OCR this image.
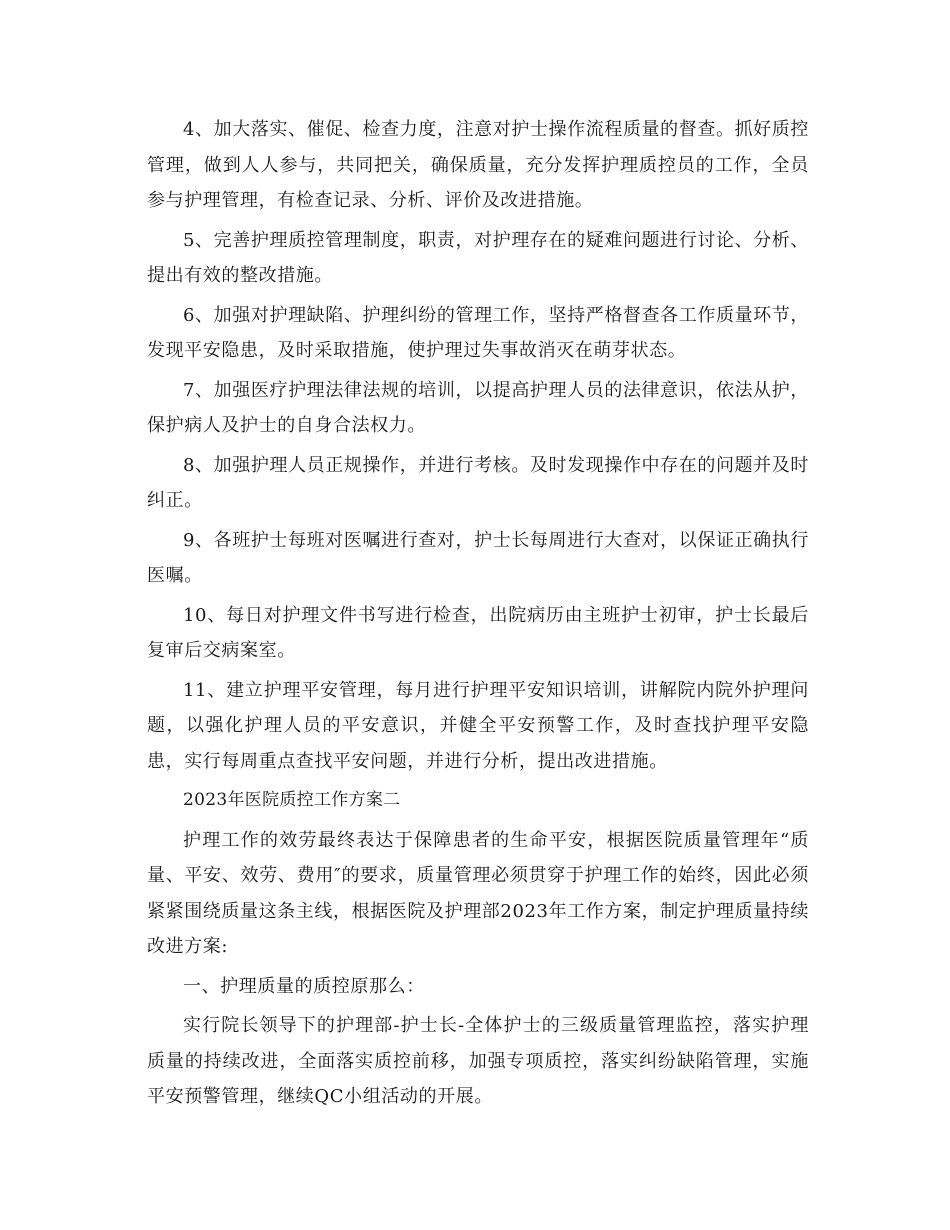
4、加大落实、催促、检查力度，注意对护士操作流程质量的督查。抓好质控管理，做到人人参与，共同把关，确保质量，充分发挥护理质控员的工作，全员参与护理管理，有检查记录、分析、评价及改进措施。

5、完善护理质控管理制度，职责，对护理存在的疑难问题进行讨论、分析、提出有效的整改措施。

6、加强对护理缺陷、护理纠纷的管理工作，坚持严格督查各工作质量环节，发现平安隐患，及时采取措施，使护理过失事故消灭在萌芽状态。

7、加强医疗护理法律法规的培训，以提高护理人员的法律意识，依法从护，保护病人及护士的自身合法权力。

8、加强护理人员正规操作，并进行考核。及时发现操作中存在的问题并及时纠正。

9、各班护士每班对医嘱进行查对，护士长每周进行大查对，以保证正确执行医嘱。

10、每日对护理文件书写进行检查，出院病历由主班护士初审，护士长最后复审后交病案室。

11、建立护理平安管理，每月进行护理平安知识培训，讲解院内院外护理问题，以强化护理人员的平安意识，并健全平安预警工作，及时查找护理平安隐患，实行每周重点查找平安问题，并进行分析，提出改进措施。

2023年医院质控工作方案二

护理工作的效劳最终表达于保障患者的生命平安，根据医院质量管理年“质量、平安、效劳、费用″的要求，质量管理必须贯穿于护理工作的始终，因此必须紧紧围绕质量这条主线，根据医院及护理部2023年工作方案，制定护理质量持续改进方案:

一、护理质量的质控原那么：

实行院长领导下的护理部-护士长-全体护士的三级质量管理监控，落实护理质量的持续改进，全面落实质控前移，加强专项质控，落实纠纷缺陷管理，实施平安预警管理，继续QC小组活动的开展。
